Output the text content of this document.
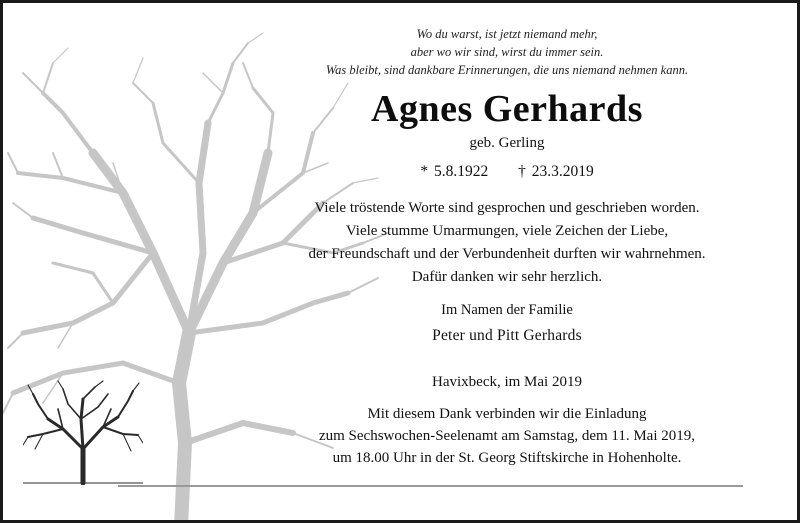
Wo du warst, ist jetzt niemand mehr,
aber wo wir sind, wirst du immer sein.
Was bleibt, sind dankbare Erinnerungen, die uns niemand nehmen kann.
Agnes Gerhards
geb. Gerling
* 5.8.1922 † 23.3.2019
Viele tröstende Worte sind gesprochen und geschrieben worden.
Viele stumme Umarmungen, viele Zeichen der Liebe,
der Freundschaft und der Verbundenheit durften wir wahrnehmen.
Dafür danken wir sehr herzlich.
Im Namen der Familie
Peter und Pitt Gerhards
Havixbeck, im Mai 2019
Mit diesem Dank verbinden wir die Einladung
zum Sechswochen-Seelenamt am Samstag, dem 11. Mai 2019,
um 18.00 Uhr in der St. Georg Stiftskirche in Hohenholte.
